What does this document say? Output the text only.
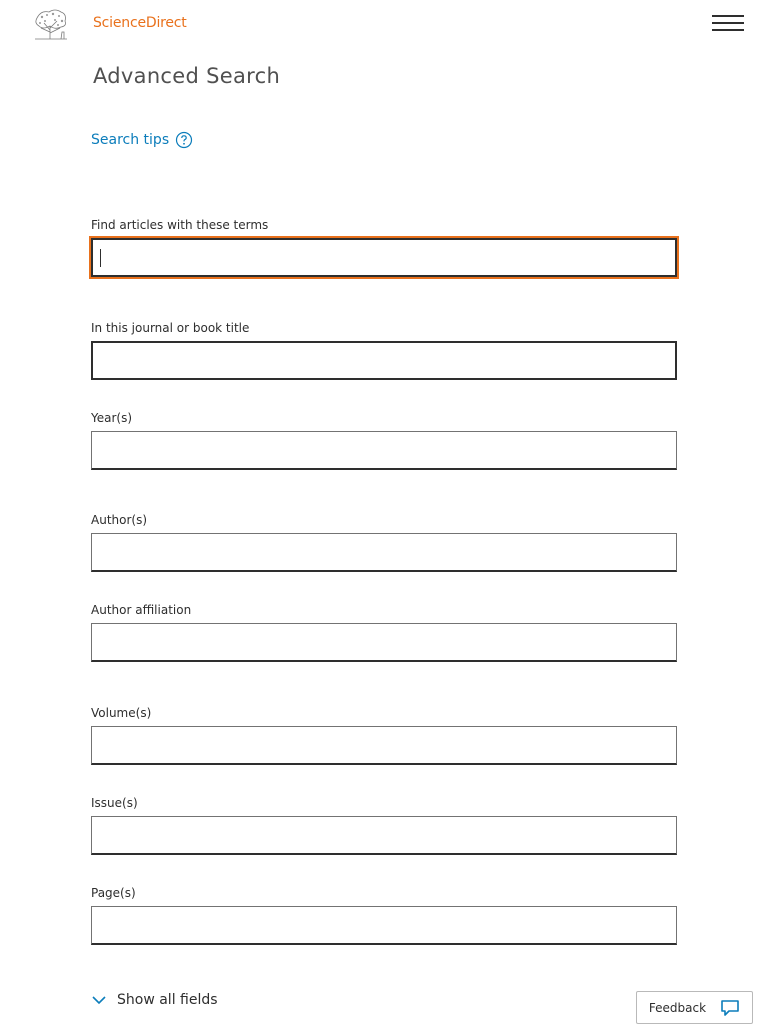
ScienceDirect
Advanced Search
Search tips
Find articles with these terms
In this journal or book title
Year(s)
Author(s)
Author affiliation
Volume(s)
Issue(s)
Page(s)
Show all fields	Feedback
